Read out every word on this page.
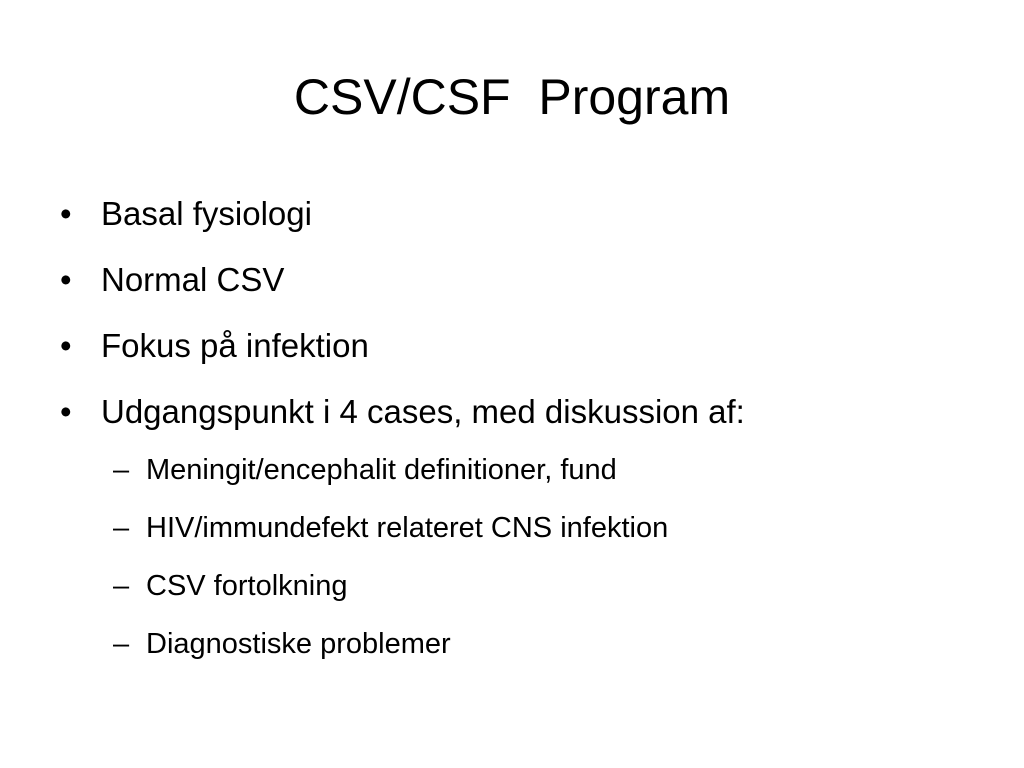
CSV/CSF  Program
• Basal fysiologi
• Normal CSV
• Fokus på infektion
• Udgangspunkt i 4 cases, med diskussion af:
– Meningit/encephalit definitioner, fund
– HIV/immundefekt relateret CNS infektion
– CSV fortolkning
– Diagnostiske problemer
